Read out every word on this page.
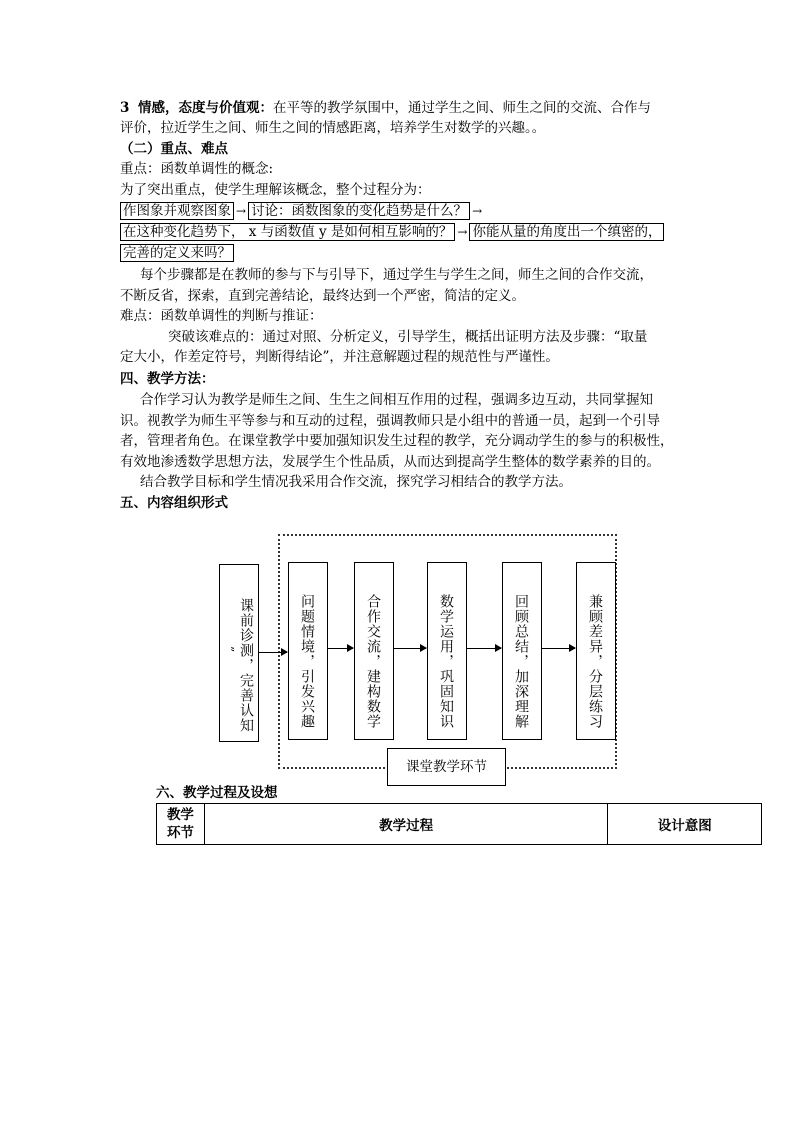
3 情感，态度与价值观：在平等的教学氛围中，通过学生之间、师生之间的交流、合作与
评价，拉近学生之间、师生之间的情感距离，培养学生对数学的兴趣。。
（二）重点、难点
重点：函数单调性的概念:
为了突出重点，使学生理解该概念，整个过程分为：
作图象并观察图象 → 讨论：函数图象的变化趋势是什么？ →
在这种变化趋势下， x 与函数值 y 是如何相互影响的？ → 你能从量的角度出一个缜密的，
完善的定义来吗？
每个步骤都是在教师的参与下与引导下，通过学生与学生之间，师生之间的合作交流，
不断反省，探索，直到完善结论，最终达到一个严密，简洁的定义。
难点：函数单调性的判断与推证：
突破该难点的：通过对照、分析定义，引导学生，概括出证明方法及步骤：“取量
定大小，作差定符号，判断得结论”，并注意解题过程的规范性与严谨性。
四、教学方法：
合作学习认为教学是师生之间、生生之间相互作用的过程，强调多边互动，共同掌握知
识。视教学为师生平等参与和互动的过程，强调教师只是小组中的普通一员，起到一个引导
者，管理者角色。在课堂教学中要加强知识发生过程的教学，充分调动学生的参与的积极性，
有效地渗透数学思想方法，发展学生个性品质，从而达到提高学生整体的数学素养的目的。
结合教学目标和学生情况我采用合作交流，探究学习相结合的教学方法。
五、内容组织形式
” 课前诊测，完善认知	问题情境，引发兴趣	合作交流，建构数学	数学运用，巩固知识	回顾总结，加深理解	兼顾差异，分层练习
课堂教学环节
六、教学过程及设想
教学
环节	教学过程	设计意图
